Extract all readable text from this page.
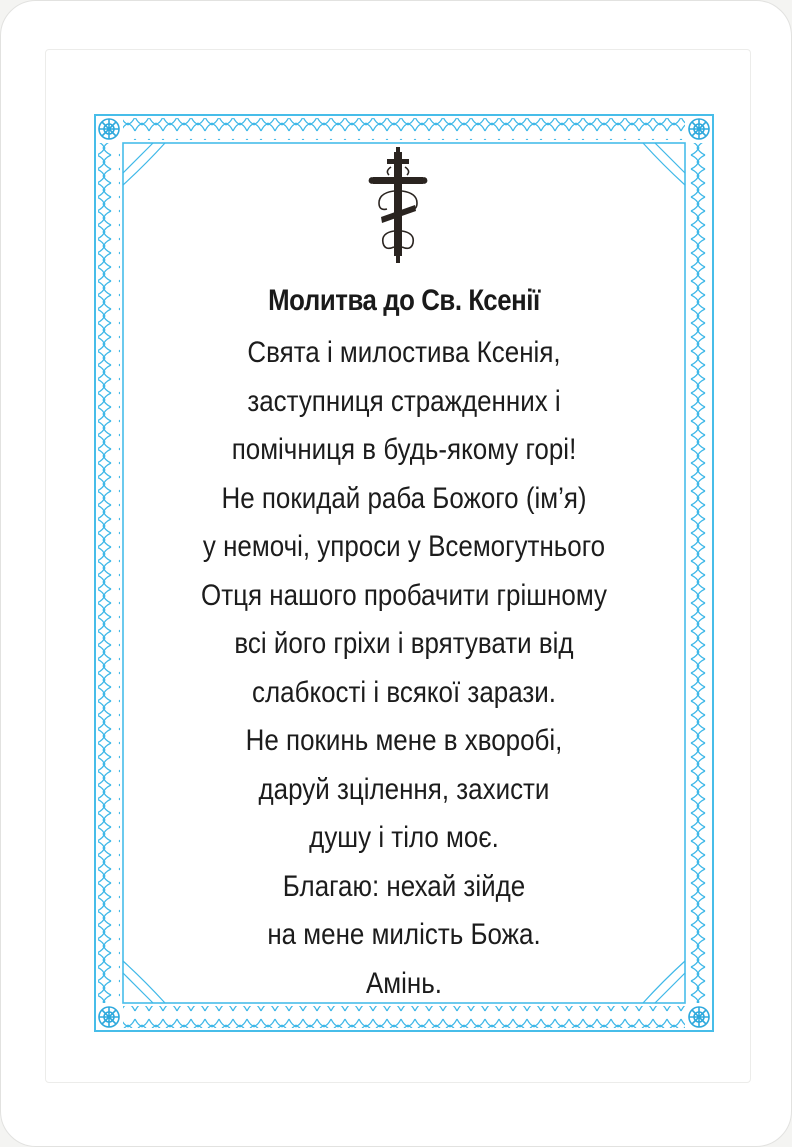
Молитва до Св. Ксенії
Свята і милостива Ксенія,
заступниця стражденних і
помічниця в будь-якому горі!
Не покидай раба Божого (ім’я)
у немочі, упроси у Всемогутнього
Отця нашого пробачити грішному
всі його гріхи і врятувати від
слабкості і всякої зарази.
Не покинь мене в хворобі,
даруй зцілення, захисти
душу і тіло моє.
Благаю: нехай зійде
на мене милість Божа.
Амінь.
